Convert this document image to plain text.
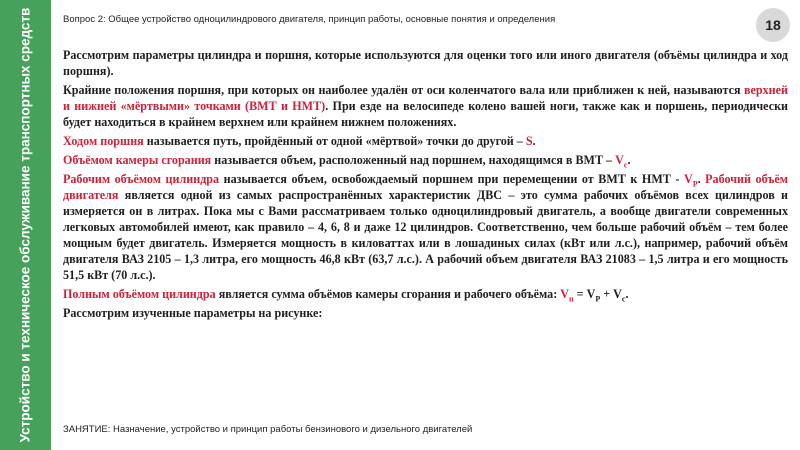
Устройство и техническое обслуживание транспортных средств	Вопрос 2: Общее устройство одноцилиндрового двигателя, принцип работы, основные понятия и определения	18

Рассмотрим параметры цилиндра и поршня, которые используются для оценки того или иного двигателя (объёмы цилиндра и ход поршня).

Крайние положения поршня, при которых он наиболее удалён от оси коленчатого вала или приближен к ней, называются верхней и нижней «мёртвыми» точками (ВМТ и НМТ). При езде на велосипеде колено вашей ноги, также как и поршень, периодически будет находиться в крайнем верхнем или крайнем нижнем положениях.

Ходом поршня называется путь, пройдённый от одной «мёртвой» точки до другой – S.

Объёмом камеры сгорания называется объем, расположенный над поршнем, находящимся в ВМТ – $V_с$.

Рабочим объёмом цилиндра называется объем, освобождаемый поршнем при перемещении от ВМТ к НМТ - $V_Р$. Рабочий объём двигателя является одной из самых распространённых характеристик ДВС – это сумма рабочих объёмов всех цилиндров и измеряется он в литрах. Пока мы с Вами рассматриваем только одноцилиндровый двигатель, а вообще двигатели современных легковых автомобилей имеют, как правило – 4, 6, 8 и даже 12 цилиндров. Соответственно, чем больше рабочий объём – тем более мощным будет двигатель. Измеряется мощность в киловаттах или в лошадиных силах (кВт или л.с.), например, рабочий объём двигателя ВАЗ 2105 – 1,3 литра, его мощность 46,8 кВт (63,7 л.с.). А рабочий объем двигателя ВАЗ 21083 – 1,5 литра и его мощность 51,5 кВт (70 л.с.).

Полным объёмом цилиндра является сумма объёмов камеры сгорания и рабочего объёма: $V_п = V_Р + V_с$.

Рассмотрим изученные параметры на рисунке:

ЗАНЯТИЕ: Назначение, устройство и принцип работы бензинового и дизельного двигателей
